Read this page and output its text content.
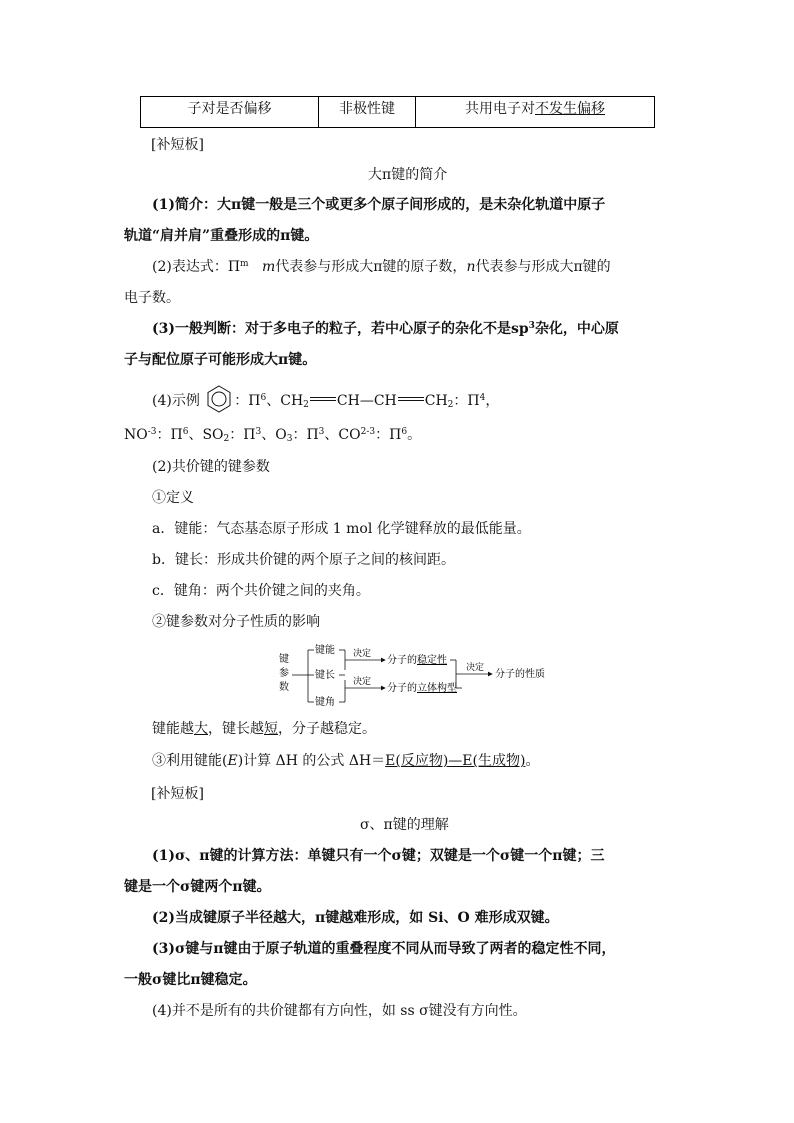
子对是否偏移	非极性键	共用电子对不发生偏移
[补短板]
大π键的简介
(1)简介：大π键一般是三个或更多个原子间形成的，是未杂化轨道中原子
轨道“肩并肩”重叠形成的π键。
(2)表达式：$\Pi^m$ m代表参与形成大π键的原子数，n代表参与形成大π键的
电子数。
(3)一般判断：对于多电子的粒子，若中心原子的杂化不是$sp^3$杂化，中心原
子与配位原子可能形成大π键。
(4)示例 ：$\Pi^6$、$CH_2$ CH—CH $CH_2$：$\Pi^4$，
$NO^{-3}$：$\Pi^6$、$SO_2$：$\Pi^3$、$O_3$：$\Pi^3$、CO$^{2-3}$：$\Pi^6$。
(2)共价键的键参数
①定义
a．键能：气态基态原子形成 1 mol 化学键释放的最低能量。
b．键长：形成共价键的两个原子之间的核间距。
c．键角：两个共价键之间的夹角。
②键参数对分子性质的影响
键
参
数
键能
键长
键角
决定
决定
分子的稳定性
分子的立体构型
决定
分子的性质
键能越大，键长越短，分子越稳定。
③利用键能(E)计算 ΔH 的公式 ΔH＝E(反应物)—E(生成物)。
[补短板]
σ、π键的理解
(1)σ、π键的计算方法：单键只有一个σ键；双键是一个σ键一个π键；三
键是一个σ键两个π键。
(2)当成键原子半径越大，π键越难形成，如 Si、O 难形成双键。
(3)σ键与π键由于原子轨道的重叠程度不同从而导致了两者的稳定性不同，
一般σ键比π键稳定。
(4)并不是所有的共价键都有方向性，如 ss σ键没有方向性。
